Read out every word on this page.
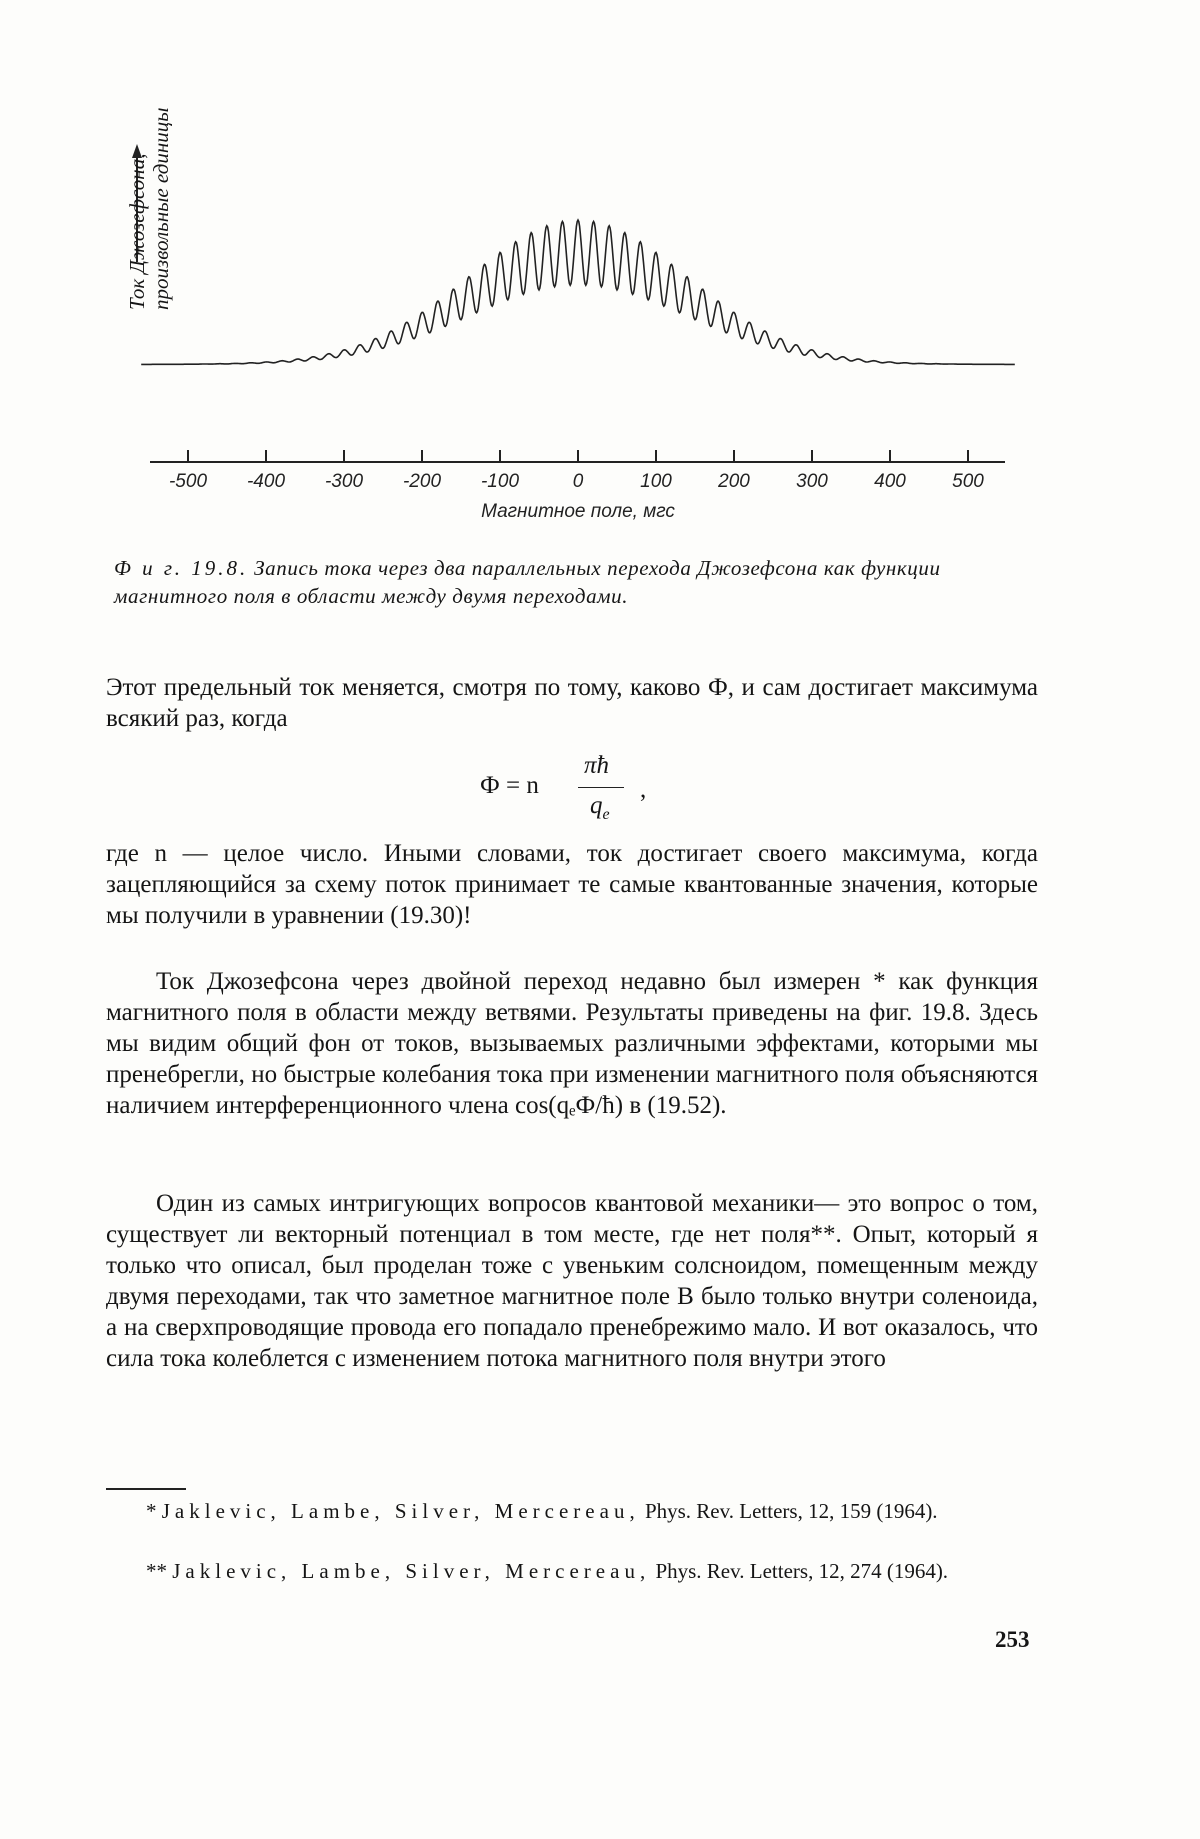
-500 -400 -300 -200 -100	0	100 200 300 400 500
Магнитное поле, мгс
Ток Джозефсона, произвольные единицы
Ф и г. 19.8. Запись тока через два параллельных перехода Джозефсона как функции магнитного поля в области между двумя переходами.
Этот предельный ток меняется, смотря по тому, каково Ф, и сам достигает максимума всякий раз, когда
Ф = n
πħ
$q_e$
,
где n — целое число. Иными словами, ток достигает своего максимума, когда зацепляющийся за схему поток принимает те самые квантованные значения, которые мы получили в уравнении (19.30)!
Ток Джозефсона через двойной переход недавно был измерен * как функция магнитного поля в области между ветвями. Результаты приведены на фиг. 19.8. Здесь мы видим общий фон от токов, вызываемых различными эффектами, которыми мы пренебрегли, но быстрые колебания тока при изменении магнитного поля объясняются наличием интерференционного члена cos(qₑФ/ħ) в (19.52).
Один из самых интригующих вопросов квантовой механики— это вопрос о том, существует ли векторный потенциал в том месте, где нет поля**. Опыт, который я только что описал, был проделан тоже с увеньким солсноидом, помещенным между двумя переходами, так что заметное магнитное поле B было только внутри соленоида, а на сверхпроводящие провода его попадало пренебрежимо мало. И вот оказалось, что сила тока колеблется с изменением потока магнитного поля внутри этого
* Jaklevic, Lambe, Silver, Mercereau, Phys. Rev. Letters, 12, 159 (1964).
** Jaklevic, Lambe, Silver, Mercereau, Phys. Rev. Letters, 12, 274 (1964).
253
